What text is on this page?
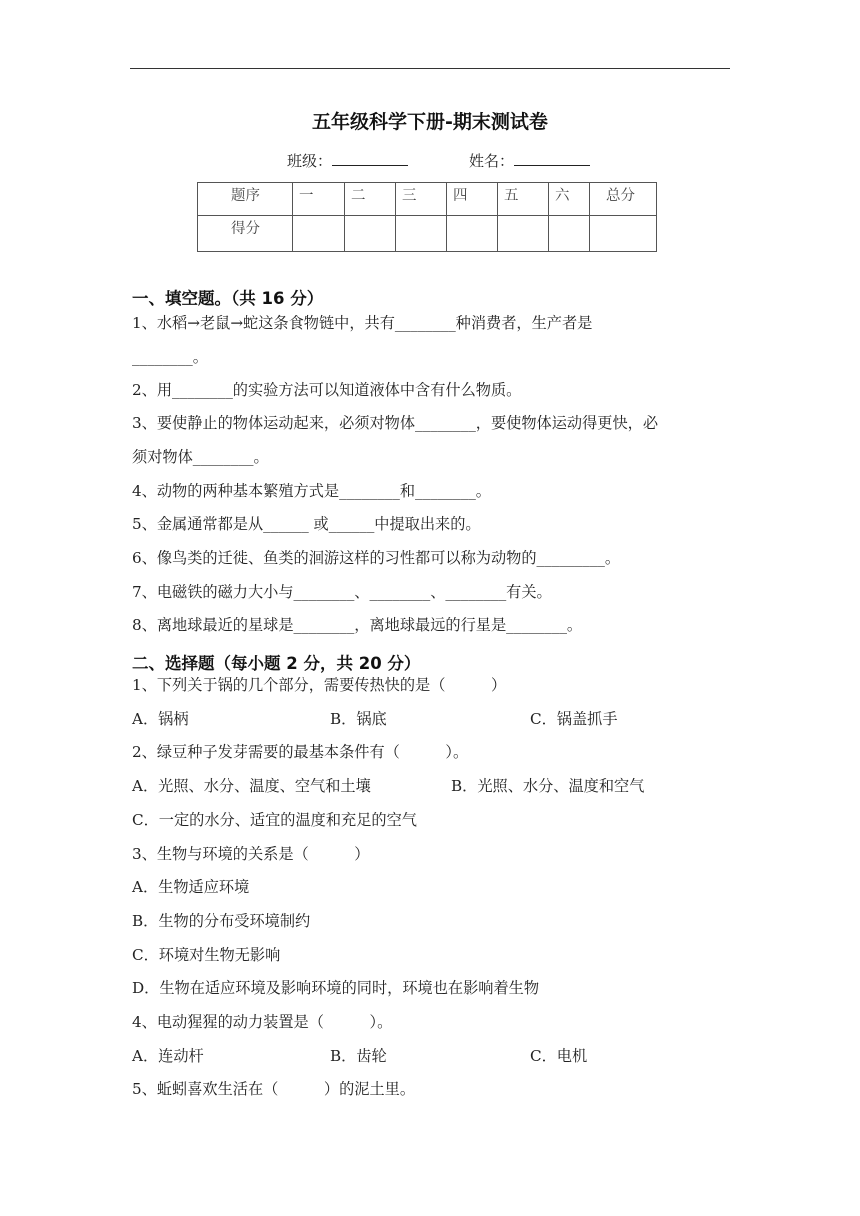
五年级科学下册-期末测试卷
班级：	姓名：
题序	一	二	三	四	五	六	总分
得分							
一、填空题。（共 16 分）
1、水稻→老鼠→蛇这条食物链中，共有________种消费者，生产者是
________。
2、用________的实验方法可以知道液体中含有什么物质。
3、要使静止的物体运动起来，必须对物体________，要使物体运动得更快，必
须对物体________。
4、动物的两种基本繁殖方式是________和________。
5、金属通常都是从______ 或______中提取出来的。
6、像鸟类的迁徙、鱼类的洄游这样的习性都可以称为动物的_________。
7、电磁铁的磁力大小与________、________、________有关。
8、离地球最近的星球是________，离地球最远的行星是________。
二、选择题（每小题 2 分，共 20 分）
1、下列关于锅的几个部分，需要传热快的是（　　　）
A．锅柄	B．锅底	C．锅盖抓手
2、绿豆种子发芽需要的最基本条件有（　　　）。
A．光照、水分、温度、空气和土壤	B．光照、水分、温度和空气
C．一定的水分、适宜的温度和充足的空气
3、生物与环境的关系是（　　　）
A．生物适应环境
B．生物的分布受环境制约
C．环境对生物无影响
D．生物在适应环境及影响环境的同时，环境也在影响着生物
4、电动猩猩的动力装置是（　　　）。
A．连动杆	B．齿轮	C．电机
5、蚯蚓喜欢生活在（　　　）的泥土里。
